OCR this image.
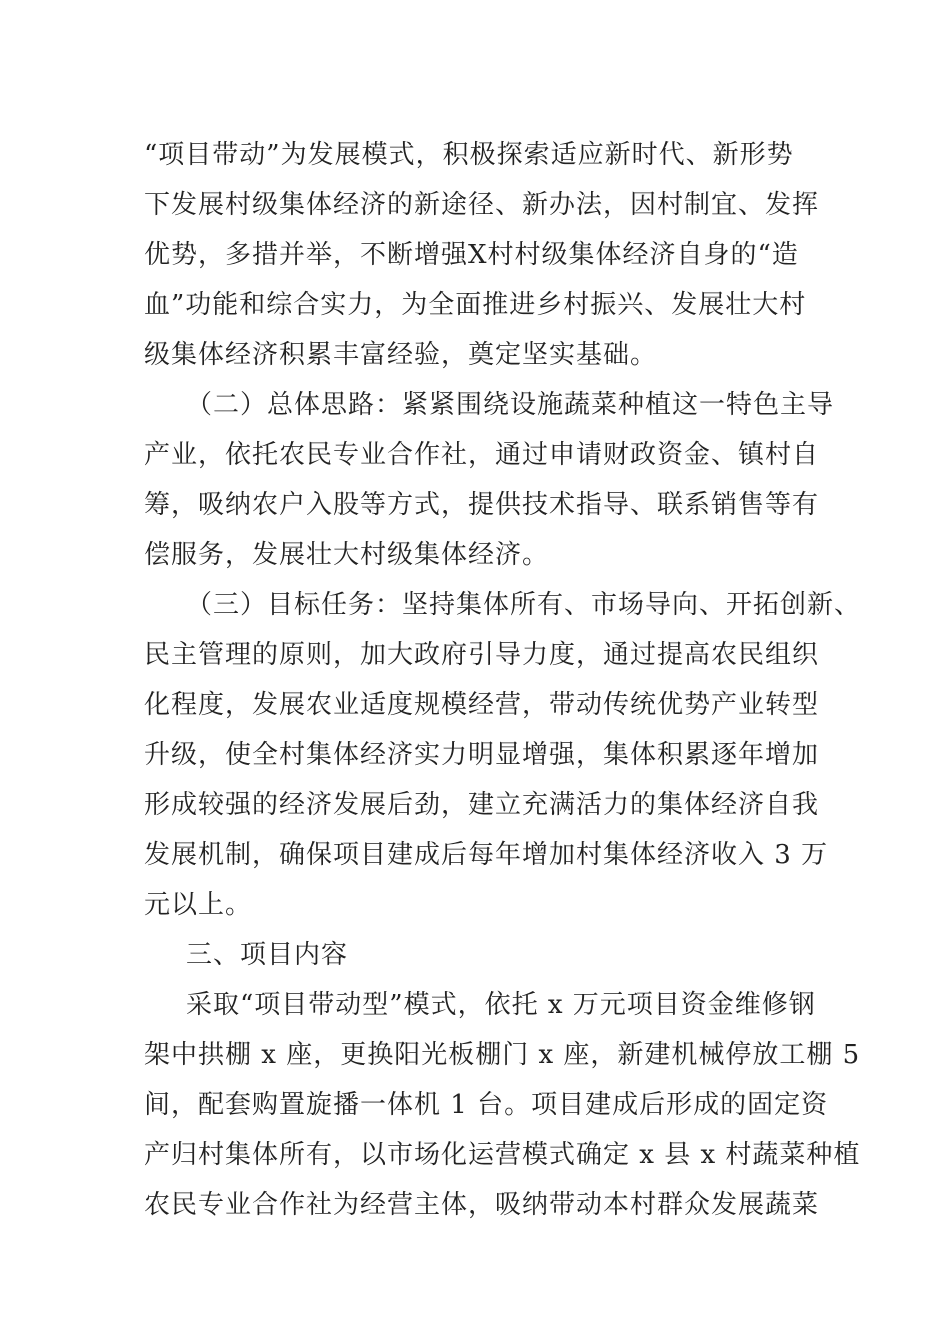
“项目带动”为发展模式，积极探索适应新时代、新形势
下发展村级集体经济的新途径、新办法，因村制宜、发挥
优势，多措并举，不断增强X村村级集体经济自身的“造
血”功能和综合实力，为全面推进乡村振兴、发展壮大村
级集体经济积累丰富经验，奠定坚实基础。
（二）总体思路：紧紧围绕设施蔬菜种植这一特色主导
产业，依托农民专业合作社，通过申请财政资金、镇村自
筹，吸纳农户入股等方式，提供技术指导、联系销售等有
偿服务，发展壮大村级集体经济。
（三）目标任务：坚持集体所有、市场导向、开拓创新、
民主管理的原则，加大政府引导力度，通过提高农民组织
化程度，发展农业适度规模经营，带动传统优势产业转型
升级，使全村集体经济实力明显增强，集体积累逐年增加
形成较强的经济发展后劲，建立充满活力的集体经济自我
发展机制，确保项目建成后每年增加村集体经济收入 3 万
元以上。
三、项目内容
采取“项目带动型”模式，依托 x 万元项目资金维修钢
架中拱棚 x 座，更换阳光板棚门 x 座，新建机械停放工棚 5
间，配套购置旋播一体机 1 台。项目建成后形成的固定资
产归村集体所有，以市场化运营模式确定 x 县 x 村蔬菜种植
农民专业合作社为经营主体，吸纳带动本村群众发展蔬菜
